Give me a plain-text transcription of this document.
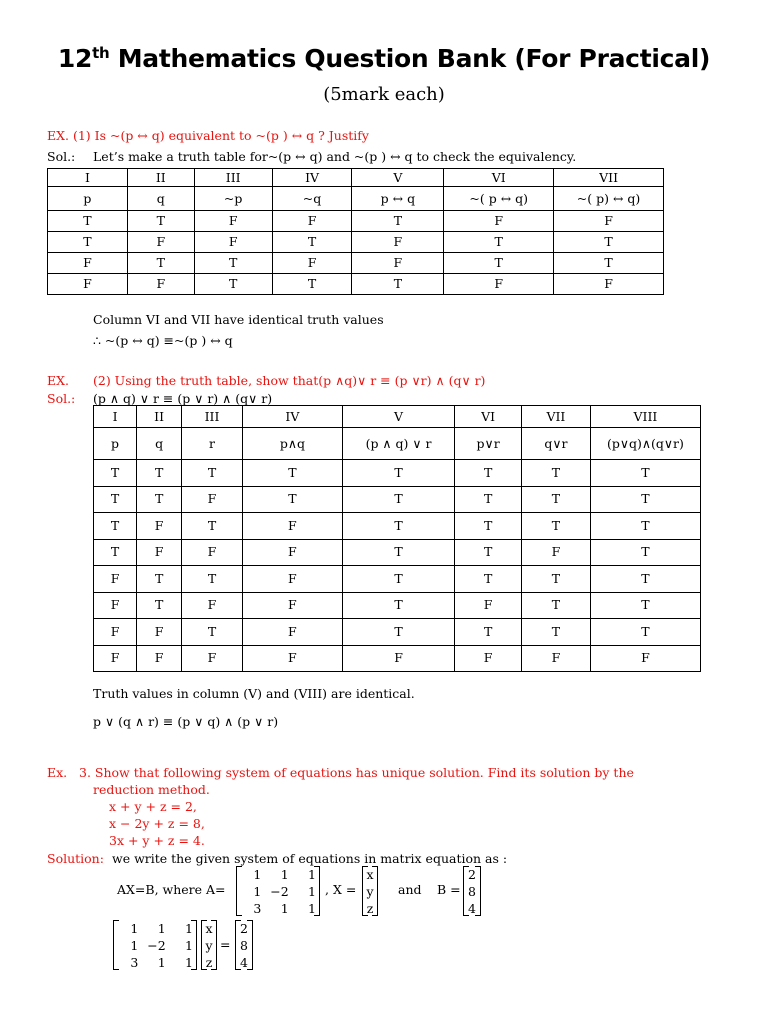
12th Mathematics Question Bank (For Practical)
(5mark each)
EX. (1) Is ~(p ↔ q) equivalent to ~(p ) ↔ q ? Justify
Sol.: Let’s make a truth table for~(p ↔ q) and ~(p ) ↔ q to check the equivalency.
I	II	III	IV	V	VI	VII
p	q	~p	~q	p ↔ q	~( p ↔ q)	~( p) ↔ q)
T	T	F	F	T	F	F
T	F	F	T	F	T	T
F	T	T	F	F	T	T
F	F	T	T	T	F	F
Column VI and VII have identical truth values
∴ ~(p ↔ q) ≡~(p ) ↔ q
EX. (2) Using the truth table, show that(p ∧q)∨ r ≡ (p ∨r) ∧ (q∨ r)
Sol.: (p ∧ q) ∨ r ≡ (p ∨ r) ∧ (q∨ r)
I	II	III	IV	V	VI	VII	VIII
p	q	r	p∧q	(p ∧ q) ∨ r	p∨r	q∨r	(p∨q)∧(q∨r)
T	T	T	T	T	T	T	T
T	T	F	T	T	T	T	T
T	F	T	F	T	T	T	T
T	F	F	F	T	T	F	T
F	T	T	F	T	T	T	T
F	T	F	F	T	F	T	T
F	F	T	F	T	T	T	T
F	F	F	F	F	F	F	F
Truth values in column (V) and (VIII) are identical.
p ∨ (q ∧ r) ≡ (p ∨ q) ∧ (p ∨ r)
Ex. 3. Show that following system of equations has unique solution. Find its solution by the
reduction method.
x + y + z = 2,
x − 2y + z = 8,
3x + y + z = 4.
Solution: we write the given system of equations in matrix equation as :
AX=B, where A=
1	1	1
1 −2	1
3	1	1
, X =
x
y
z
and B =
2
8
4
1	1	1
1 −2	1
3	1	1
x
y
z
=
2
8
4
